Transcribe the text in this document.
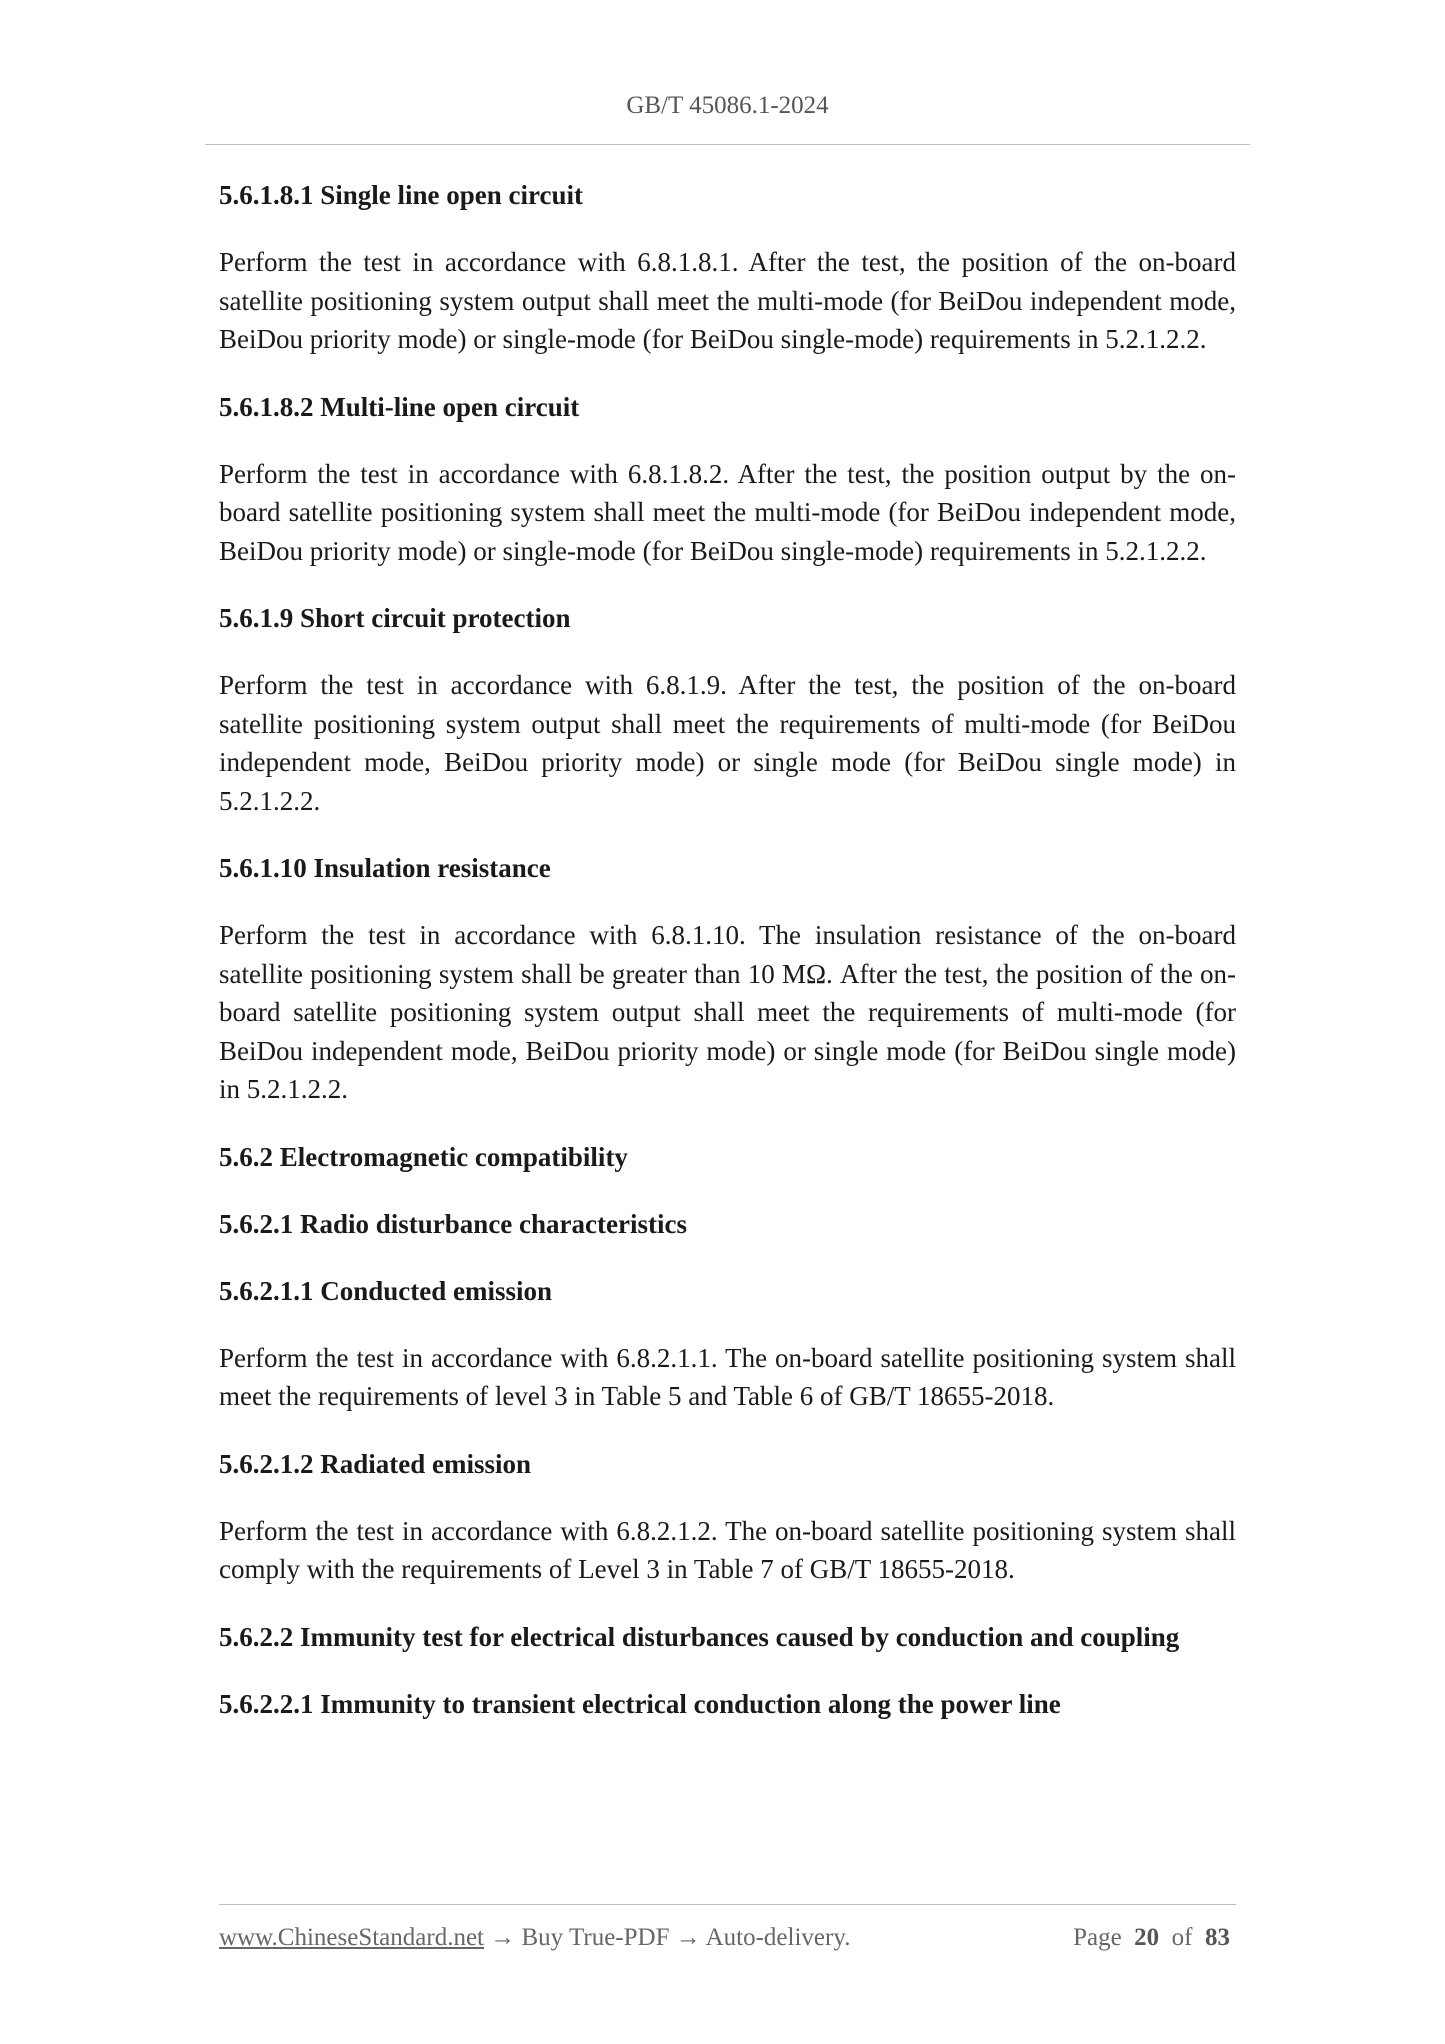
GB/T 45086.1-2024
5.6.1.8.1 Single line open circuit
Perform the test in accordance with 6.8.1.8.1. After the test, the position of the on-board satellite positioning system output shall meet the multi-mode (for BeiDou independent mode, BeiDou priority mode) or single-mode (for BeiDou single-mode) requirements in 5.2.1.2.2.
5.6.1.8.2 Multi-line open circuit
Perform the test in accordance with 6.8.1.8.2. After the test, the position output by the on-board satellite positioning system shall meet the multi-mode (for BeiDou independent mode, BeiDou priority mode) or single-mode (for BeiDou single-mode) requirements in 5.2.1.2.2.
5.6.1.9 Short circuit protection
Perform the test in accordance with 6.8.1.9. After the test, the position of the on-board satellite positioning system output shall meet the requirements of multi-mode (for BeiDou independent mode, BeiDou priority mode) or single mode (for BeiDou single mode) in 5.2.1.2.2.
5.6.1.10 Insulation resistance
Perform the test in accordance with 6.8.1.10. The insulation resistance of the on-board satellite positioning system shall be greater than 10 MΩ. After the test, the position of the on-board satellite positioning system output shall meet the requirements of multi-mode (for BeiDou independent mode, BeiDou priority mode) or single mode (for BeiDou single mode) in 5.2.1.2.2.
5.6.2 Electromagnetic compatibility
5.6.2.1 Radio disturbance characteristics
5.6.2.1.1 Conducted emission
Perform the test in accordance with 6.8.2.1.1. The on-board satellite positioning system shall meet the requirements of level 3 in Table 5 and Table 6 of GB/T 18655-2018.
5.6.2.1.2 Radiated emission
Perform the test in accordance with 6.8.2.1.2. The on-board satellite positioning system shall comply with the requirements of Level 3 in Table 7 of GB/T 18655-2018.
5.6.2.2 Immunity test for electrical disturbances caused by conduction and coupling
5.6.2.2.1 Immunity to transient electrical conduction along the power line
www.ChineseStandard.net → Buy True-PDF → Auto-delivery.	Page 20 of 83
